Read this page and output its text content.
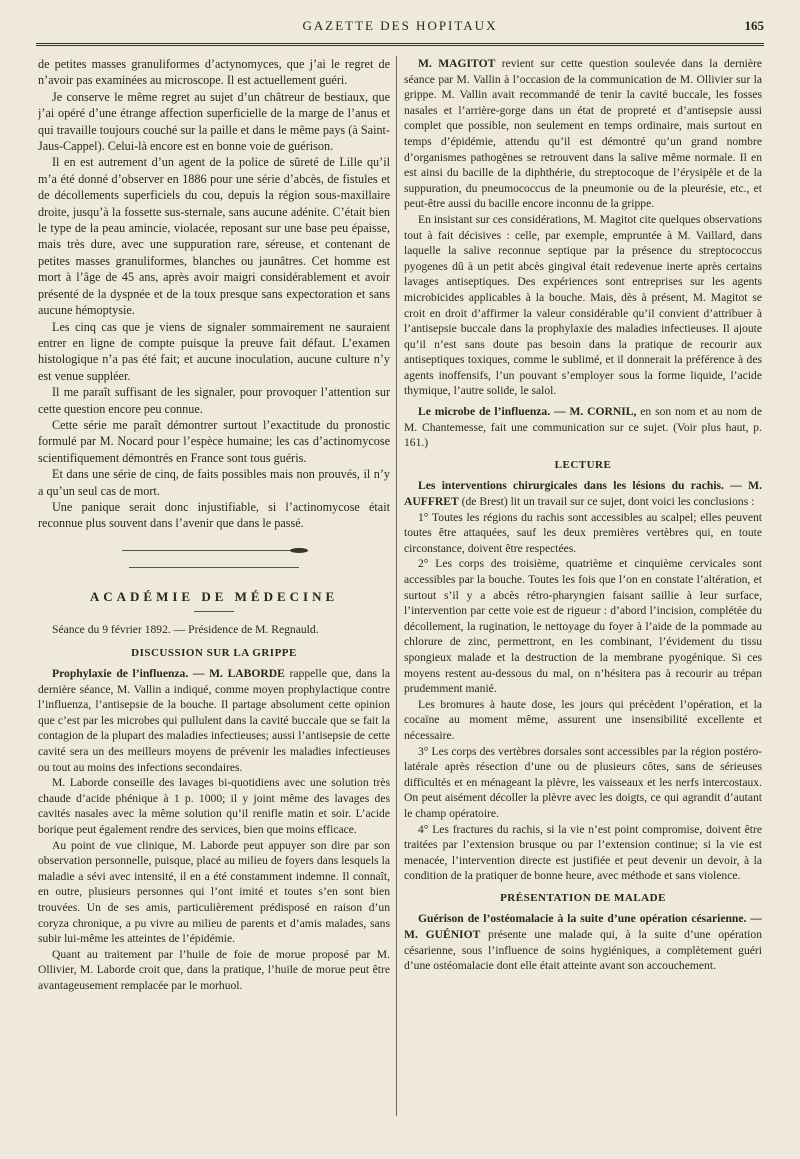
GAZETTE DES HOPITAUX	165

de petites masses granuliformes d’actynomyces, que j’ai le regret de n’avoir pas examinées au microscope. Il est actuellement guéri.

Je conserve le même regret au sujet d’un châtreur de bestiaux, que j’ai opéré d’une étrange affection superficielle de la marge de l’anus et qui travaille toujours couché sur la paille et dans le même pays (à Saint-Jaus-Cappel). Celui-là encore est en bonne voie de guérison.

Il en est autrement d’un agent de la police de sûreté de Lille qu’il m’a été donné d’observer en 1886 pour une série d’abcès, de fistules et de décollements superficiels du cou, depuis la région sous-maxillaire droite, jusqu’à la fossette sus-sternale, sans aucune adénite. C’était bien le type de la peau amincie, violacée, reposant sur une base peu épaisse, mais très dure, avec une suppuration rare, séreuse, et contenant de petites masses granuliformes, blanches ou jaunâtres. Cet homme est mort à l’âge de 45 ans, après avoir maigri considérablement et avoir présenté de la dyspnée et de la toux presque sans expectoration et sans aucune hémoptysie.

Les cinq cas que je viens de signaler sommairement ne sauraient entrer en ligne de compte puisque la preuve fait défaut. L’examen histologique n’a pas été fait; et aucune inoculation, aucune culture n’y est venue suppléer.

Il me paraît suffisant de les signaler, pour provoquer l’attention sur cette question encore peu connue.

Cette série me paraît démontrer surtout l’exactitude du pronostic formulé par M. Nocard pour l’espèce humaine; les cas d’actinomycose scientifiquement démontrés en France sont tous guéris.

Et dans une série de cinq, de faits possibles mais non prouvés, il n’y a qu’un seul cas de mort.

Une panique serait donc injustifiable, si l’actinomycose était reconnue plus souvent dans l’avenir que dans le passé.

ACADÉMIE DE MÉDECINE

Séance du 9 février 1892. — Présidence de M. Regnauld.

DISCUSSION SUR LA GRIPPE

Prophylaxie de l’influenza. — M. LABORDE rappelle que, dans la dernière séance, M. Vallin a indiqué, comme moyen prophylactique contre l’influenza, l’antisepsie de la bouche. Il partage absolument cette opinion que c’est par les microbes qui pullulent dans la cavité buccale que se fait la contagion de la plupart des maladies infectieuses; aussi l’antisepsie de cette cavité sera un des meilleurs moyens de prévenir les maladies infectieuses ou tout au moins des infections secondaires.

M. Laborde conseille des lavages bi-quotidiens avec une solution très chaude d’acide phénique à 1 p. 1000; il y joint même des lavages des cavités nasales avec la même solution qu’il renifle matin et soir. L’acide borique peut également rendre des services, bien que moins efficace.

Au point de vue clinique, M. Laborde peut appuyer son dire par son observation personnelle, puisque, placé au milieu de foyers dans lesquels la maladie a sévi avec intensité, il en a été constamment indemne. Il connaît, en outre, plusieurs personnes qui l’ont imité et toutes s’en sont bien trouvées. Un de ses amis, particulièrement prédisposé en raison d’un coryza chronique, a pu vivre au milieu de parents et d’amis malades, sans subir lui-même les atteintes de l’épidémie.

Quant au traitement par l’huile de foie de morue proposé par M. Ollivier, M. Laborde croit que, dans la pratique, l’huile de morue peut être avantageusement remplacée par le morhuol.

M. MAGITOT revient sur cette question soulevée dans la dernière séance par M. Vallin à l’occasion de la communication de M. Ollivier sur la grippe. M. Vallin avait recommandé de tenir la cavité buccale, les fosses nasales et l’arrière-gorge dans un état de propreté et d’antisepsie aussi complet que possible, non seulement en temps ordinaire, mais surtout en temps d’épidémie, attendu qu’il est démontré qu’un grand nombre d’organismes pathogènes se retrouvent dans la salive même normale. Il en est ainsi du bacille de la diphthérie, du streptocoque de l’érysipèle et de la suppuration, du pneumococcus de la pneumonie ou de la pleurésie, etc., et peut-être aussi du bacille encore inconnu de la grippe.

En insistant sur ces considérations, M. Magitot cite quelques observations tout à fait décisives : celle, par exemple, empruntée à M. Vaillard, dans laquelle la salive reconnue septique par la présence du streptococcus pyogenes dû à un petit abcès gingival était redevenue inerte après certains lavages antiseptiques. Des expériences sont entreprises sur les agents microbicides applicables à la bouche. Mais, dès à présent, M. Magitot se croit en droit d’affirmer la valeur considérable qu’il convient d’attribuer à l’antisepsie buccale dans la prophylaxie des maladies infectieuses. Il ajoute qu’il n’est sans doute pas besoin dans la pratique de recourir aux antiseptiques toxiques, comme le sublimé, et il donnerait la préférence à des agents inoffensifs, l’un pouvant s’employer sous la forme liquide, l’acide thymique, l’autre solide, le salol.

Le microbe de l’influenza. — M. CORNIL, en son nom et au nom de M. Chantemesse, fait une communication sur ce sujet. (Voir plus haut, p. 161.)

LECTURE

Les interventions chirurgicales dans les lésions du rachis. — M. AUFFRET (de Brest) lit un travail sur ce sujet, dont voici les conclusions :

1° Toutes les régions du rachis sont accessibles au scalpel; elles peuvent toutes être attaquées, sauf les deux premières vertèbres qui, en toute circonstance, doivent être respectées.

2° Les corps des troisième, quatrième et cinquième cervicales sont accessibles par la bouche. Toutes les fois que l’on en constate l’altération, et surtout s’il y a abcès rétro-pharyngien faisant saillie à leur surface, l’intervention par cette voie est de rigueur : d’abord l’incision, complétée du décollement, la rugination, le nettoyage du foyer à l’aide de la pommade au chlorure de zinc, permettront, en les combinant, l’évidement du tissu spongieux malade et la destruction de la membrane pyogénique. Si ces moyens restent au-dessous du mal, on n’hésitera pas à recourir au trépan prudemment manié.

Les bromures à haute dose, les jours qui précèdent l’opération, et la cocaïne au moment même, assurent une insensibilité excellente et nécessaire.

3° Les corps des vertèbres dorsales sont accessibles par la région postéro-latérale après résection d’une ou de plusieurs côtes, sans de sérieuses difficultés et en ménageant la plèvre, les vaisseaux et les nerfs intercostaux. On peut aisément décoller la plèvre avec les doigts, ce qui agrandit d’autant le champ opératoire.

4° Les fractures du rachis, si la vie n’est point compromise, doivent être traitées par l’extension brusque ou par l’extension continue; si la vie est menacée, l’intervention directe est justifiée et peut devenir un devoir, à la condition de la pratiquer de bonne heure, avec méthode et sans violence.

PRÉSENTATION DE MALADE

Guérison de l’ostéomalacie à la suite d’une opération césarienne. — M. GUÉNIOT présente une malade qui, à la suite d’une opération césarienne, sous l’influence de soins hygiéniques, a complètement guéri d’une ostéomalacie dont elle était atteinte avant son accouchement.
